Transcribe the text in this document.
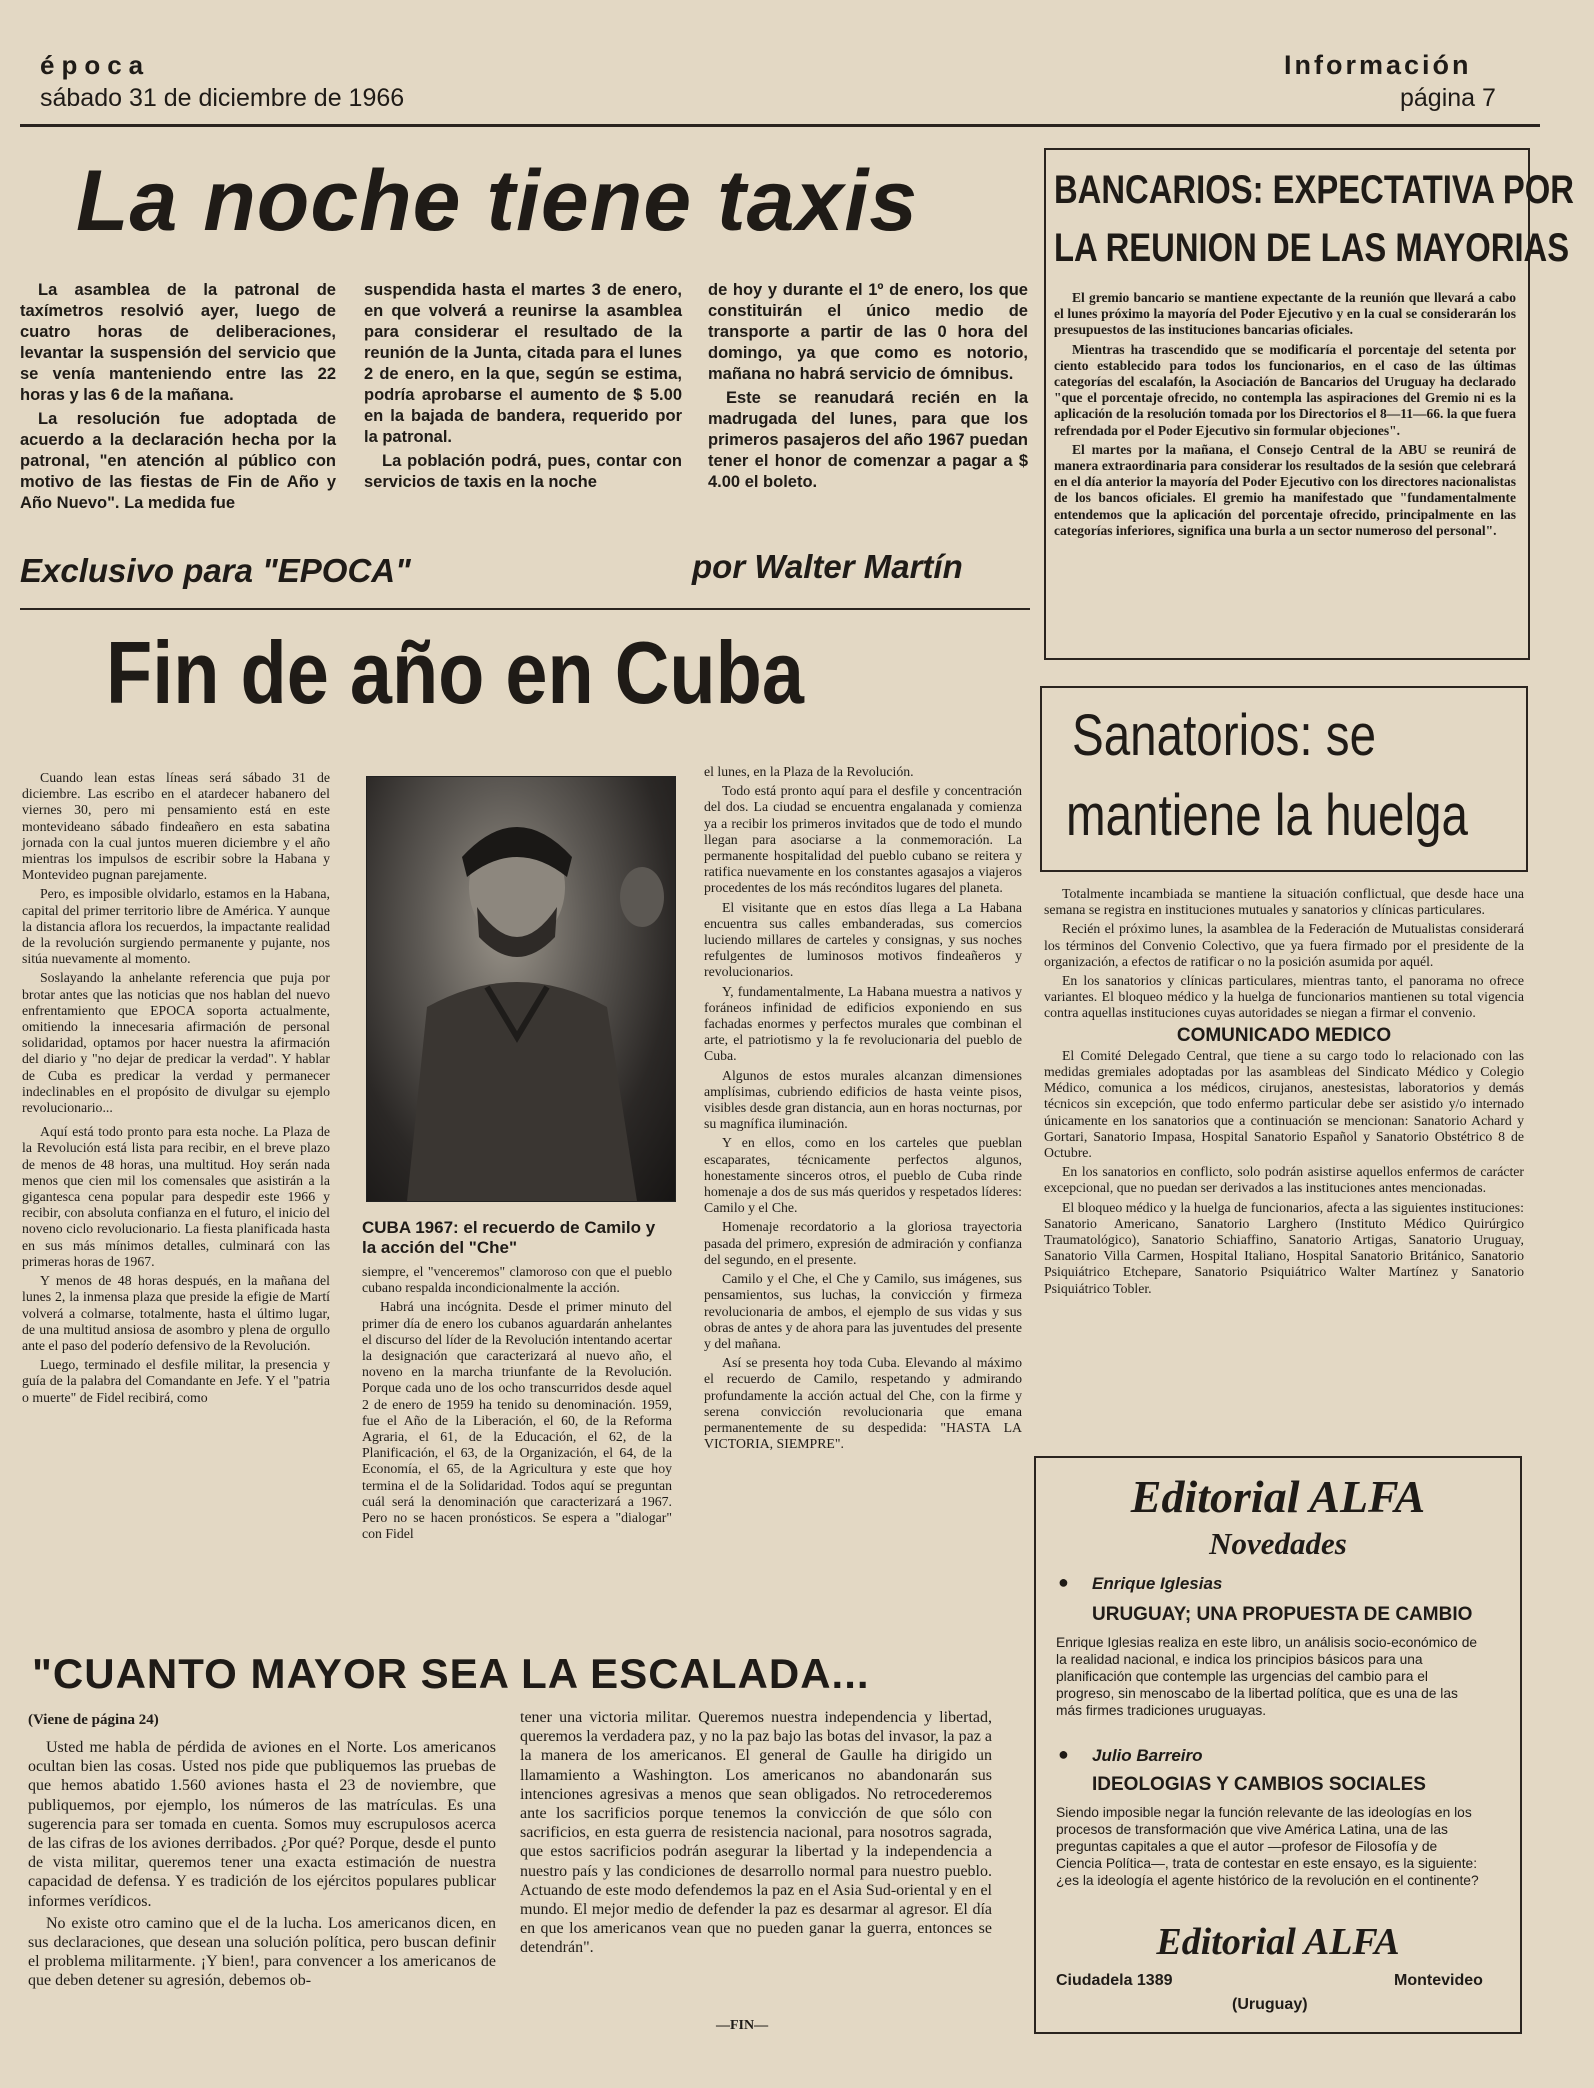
época
sábado 31 de diciembre de 1966
Información
página 7
La noche tiene taxis

La asamblea de la patronal de taxímetros resolvió ayer, luego de cuatro horas de deliberaciones, levantar la suspensión del servicio que se venía manteniendo entre las 22 horas y las 6 de la mañana.

La resolución fue adoptada de acuerdo a la declaración hecha por la patronal, "en atención al público con motivo de las fiestas de Fin de Año y Año Nuevo". La medida fue

suspendida hasta el martes 3 de enero, en que volverá a reunirse la asamblea para considerar el resultado de la reunión de la Junta, citada para el lunes 2 de enero, en la que, según se estima, podría aprobarse el aumento de $ 5.00 en la bajada de bandera, requerido por la patronal.

La población podrá, pues, contar con servicios de taxis en la noche

de hoy y durante el 1º de enero, los que constituirán el único medio de transporte a partir de las 0 hora del domingo, ya que como es notorio, mañana no habrá servicio de ómnibus.

Este se reanudará recién en la madrugada del lunes, para que los primeros pasajeros del año 1967 puedan tener el honor de comenzar a pagar a $ 4.00 el boleto.

BANCARIOS: EXPECTATIVA POR
LA REUNION DE LAS MAYORIAS

El gremio bancario se mantiene expectante de la reunión que llevará a cabo el lunes próximo la mayoría del Poder Ejecutivo y en la cual se considerarán los presupuestos de las instituciones bancarias oficiales.

Mientras ha trascendido que se modificaría el porcentaje del setenta por ciento establecido para todos los funcionarios, en el caso de las últimas categorías del escalafón, la Asociación de Bancarios del Uruguay ha declarado "que el porcentaje ofrecido, no contempla las aspiraciones del Gremio ni es la aplicación de la resolución tomada por los Directorios el 8—11—66. la que fuera refrendada por el Poder Ejecutivo sin formular objeciones".

El martes por la mañana, el Consejo Central de la ABU se reunirá de manera extraordinaria para considerar los resultados de la sesión que celebrará en el día anterior la mayoría del Poder Ejecutivo con los directores nacionalistas de los bancos oficiales. El gremio ha manifestado que "fundamentalmente entendemos que la aplicación del porcentaje ofrecido, principalmente en las categorías inferiores, significa una burla a un sector numeroso del personal".

Exclusivo para "EPOCA"	por Walter Martín
Fin de año en Cuba

Cuando lean estas líneas será sábado 31 de diciembre. Las escribo en el atardecer habanero del viernes 30, pero mi pensamiento está en este montevideano sábado findeañero en esta sabatina jornada con la cual juntos mueren diciembre y el año mientras los impulsos de escribir sobre la Habana y Montevideo pugnan parejamente.

Pero, es imposible olvidarlo, estamos en la Habana, capital del primer territorio libre de América. Y aunque la distancia aflora los recuerdos, la impactante realidad de la revolución surgiendo permanente y pujante, nos sitúa nuevamente al momento.

Soslayando la anhelante referencia que puja por brotar antes que las noticias que nos hablan del nuevo enfrentamiento que EPOCA soporta actualmente, omitiendo la innecesaria afirmación de personal solidaridad, optamos por hacer nuestra la afirmación del diario y "no dejar de predicar la verdad". Y hablar de Cuba es predicar la verdad y permanecer indeclinables en el propósito de divulgar su ejemplo revolucionario...

Aquí está todo pronto para esta noche. La Plaza de la Revolución está lista para recibir, en el breve plazo de menos de 48 horas, una multitud. Hoy serán nada menos que cien mil los comensales que asistirán a la gigantesca cena popular para despedir este 1966 y recibir, con absoluta confianza en el futuro, el inicio del noveno ciclo revolucionario. La fiesta planificada hasta en sus más mínimos detalles, culminará con las primeras horas de 1967.

Y menos de 48 horas después, en la mañana del lunes 2, la inmensa plaza que preside la efigie de Martí volverá a colmarse, totalmente, hasta el último lugar, de una multitud ansiosa de asombro y plena de orgullo ante el paso del poderío defensivo de la Revolución.

Luego, terminado el desfile militar, la presencia y guía de la palabra del Comandante en Jefe. Y el "patria o muerte" de Fidel recibirá, como

CUBA 1967: el recuerdo de Camilo y la acción del "Che"

siempre, el "venceremos" clamoroso con que el pueblo cubano respalda incondicionalmente la acción.

Habrá una incógnita. Desde el primer minuto del primer día de enero los cubanos aguardarán anhelantes el discurso del líder de la Revolución intentando acertar la designación que caracterizará al nuevo año, el noveno en la marcha triunfante de la Revolución. Porque cada uno de los ocho transcurridos desde aquel 2 de enero de 1959 ha tenido su denominación. 1959, fue el Año de la Liberación, el 60, de la Reforma Agraria, el 61, de la Educación, el 62, de la Planificación, el 63, de la Organización, el 64, de la Economía, el 65, de la Agricultura y este que hoy termina el de la Solidaridad. Todos aquí se preguntan cuál será la denominación que caracterizará a 1967. Pero no se hacen pronósticos. Se espera a "dialogar" con Fidel

el lunes, en la Plaza de la Revolución.

Todo está pronto aquí para el desfile y concentración del dos. La ciudad se encuentra engalanada y comienza ya a recibir los primeros invitados que de todo el mundo llegan para asociarse a la conmemoración. La permanente hospitalidad del pueblo cubano se reitera y ratifica nuevamente en los constantes agasajos a viajeros procedentes de los más recónditos lugares del planeta.

El visitante que en estos días llega a La Habana encuentra sus calles embanderadas, sus comercios luciendo millares de carteles y consignas, y sus noches refulgentes de luminosos motivos findeañeros y revolucionarios.

Y, fundamentalmente, La Habana muestra a nativos y foráneos infinidad de edificios exponiendo en sus fachadas enormes y perfectos murales que combinan el arte, el patriotismo y la fe revolucionaria del pueblo de Cuba.

Algunos de estos murales alcanzan dimensiones amplísimas, cubriendo edificios de hasta veinte pisos, visibles desde gran distancia, aun en horas nocturnas, por su magnífica iluminación.

Y en ellos, como en los carteles que pueblan escaparates, técnicamente perfectos algunos, honestamente sinceros otros, el pueblo de Cuba rinde homenaje a dos de sus más queridos y respetados líderes: Camilo y el Che.

Homenaje recordatorio a la gloriosa trayectoria pasada del primero, expresión de admiración y confianza del segundo, en el presente.

Camilo y el Che, el Che y Camilo, sus imágenes, sus pensamientos, sus luchas, la convicción y firmeza revolucionaria de ambos, el ejemplo de sus vidas y sus obras de antes y de ahora para las juventudes del presente y del mañana.

Así se presenta hoy toda Cuba. Elevando al máximo el recuerdo de Camilo, respetando y admirando profundamente la acción actual del Che, con la firme y serena convicción revolucionaria que emana permanentemente de su despedida: "HASTA LA VICTORIA, SIEMPRE".

Sanatorios: se
mantiene la huelga

Totalmente incambiada se mantiene la situación conflictual, que desde hace una semana se registra en instituciones mutuales y sanatorios y clínicas particulares.

Recién el próximo lunes, la asamblea de la Federación de Mutualistas considerará los términos del Convenio Colectivo, que ya fuera firmado por el presidente de la organización, a efectos de ratificar o no la posición asumida por aquél.

En los sanatorios y clínicas particulares, mientras tanto, el panorama no ofrece variantes. El bloqueo médico y la huelga de funcionarios mantienen su total vigencia contra aquellas instituciones cuyas autoridades se niegan a firmar el convenio.

COMUNICADO MEDICO

El Comité Delegado Central, que tiene a su cargo todo lo relacionado con las medidas gremiales adoptadas por las asambleas del Sindicato Médico y Colegio Médico, comunica a los médicos, cirujanos, anestesistas, laboratorios y demás técnicos sin excepción, que todo enfermo particular debe ser asistido y/o internado únicamente en los sanatorios que a continuación se mencionan: Sanatorio Achard y Gortari, Sanatorio Impasa, Hospital Sanatorio Español y Sanatorio Obstétrico 8 de Octubre.

En los sanatorios en conflicto, solo podrán asistirse aquellos enfermos de carácter excepcional, que no puedan ser derivados a las instituciones antes mencionadas.

El bloqueo médico y la huelga de funcionarios, afecta a las siguientes instituciones: Sanatorio Americano, Sanatorio Larghero (Instituto Médico Quirúrgico Traumatológico), Sanatorio Schiaffino, Sanatorio Artigas, Sanatorio Uruguay, Sanatorio Villa Carmen, Hospital Italiano, Hospital Sanatorio Británico, Sanatorio Psiquiátrico Etchepare, Sanatorio Psiquiátrico Walter Martínez y Sanatorio Psiquiátrico Tobler.

"CUANTO MAYOR SEA LA ESCALADA...
(Viene de página 24)

Usted me habla de pérdida de aviones en el Norte. Los americanos ocultan bien las cosas. Usted nos pide que publiquemos las pruebas de que hemos abatido 1.560 aviones hasta el 23 de noviembre, que publiquemos, por ejemplo, los números de las matrículas. Es una sugerencia para ser tomada en cuenta. Somos muy escrupulosos acerca de las cifras de los aviones derribados. ¿Por qué? Porque, desde el punto de vista militar, queremos tener una exacta estimación de nuestra capacidad de defensa. Y es tradición de los ejércitos populares publicar informes verídicos.

No existe otro camino que el de la lucha. Los americanos dicen, en sus declaraciones, que desean una solución política, pero buscan definir el problema militarmente. ¡Y bien!, para convencer a los americanos de que deben detener su agresión, debemos ob-

tener una victoria militar. Queremos nuestra independencia y libertad, queremos la verdadera paz, y no la paz bajo las botas del invasor, la paz a la manera de los americanos. El general de Gaulle ha dirigido un llamamiento a Washington. Los americanos no abandonarán sus intenciones agresivas a menos que sean obligados. No retrocederemos ante los sacrificios porque tenemos la convicción de que sólo con sacrificios, en esta guerra de resistencia nacional, para nosotros sagrada, que estos sacrificios podrán asegurar la libertad y la independencia a nuestro país y las condiciones de desarrollo normal para nuestro pueblo. Actuando de este modo defendemos la paz en el Asia Sud-oriental y en el mundo. El mejor medio de defender la paz es desarmar al agresor. El día en que los americanos vean que no pueden ganar la guerra, entonces se detendrán".

—FIN—
Editorial ALFA
Novedades
● Enrique Iglesias
URUGUAY; UNA PROPUESTA DE CAMBIO
Enrique Iglesias realiza en este libro, un análisis socio-económico de la realidad nacional, e indica los principios básicos para una planificación que contemple las urgencias del cambio para el progreso, sin menoscabo de la libertad política, que es una de las más firmes tradiciones uruguayas.
● Julio Barreiro
IDEOLOGIAS Y CAMBIOS SOCIALES
Siendo imposible negar la función relevante de las ideologías en los procesos de transformación que vive América Latina, una de las preguntas capitales a que el autor —profesor de Filosofía y de Ciencia Política—, trata de contestar en este ensayo, es la siguiente: ¿es la ideología el agente histórico de la revolución en el continente?
Editorial ALFA
Ciudadela 1389	Montevideo
(Uruguay)
